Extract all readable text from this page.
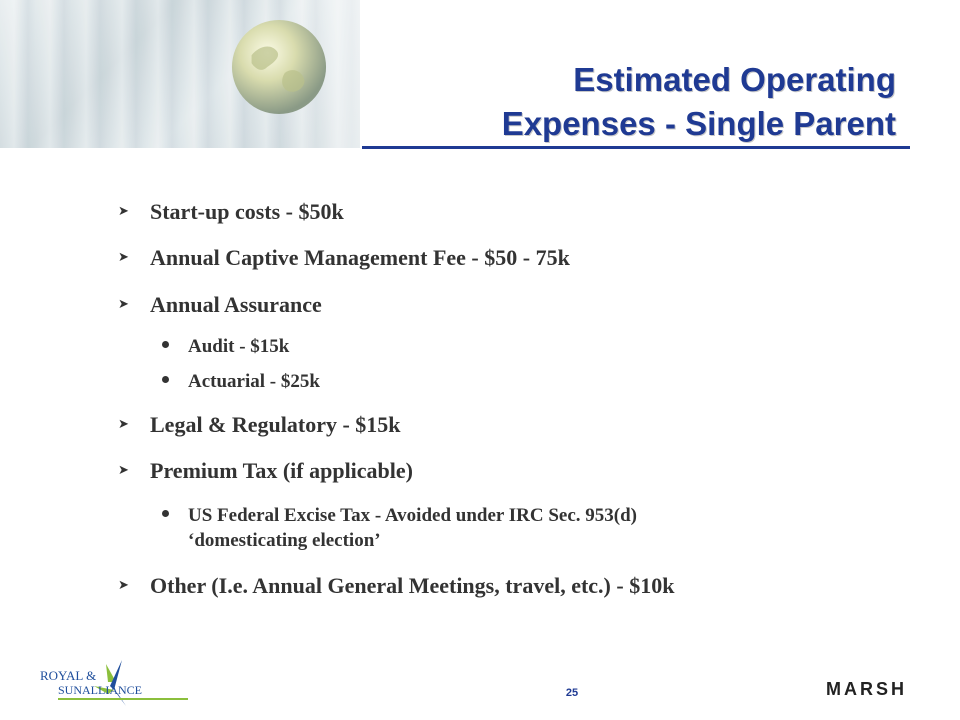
Estimated Operating
Expenses - Single Parent
➤ Start-up costs - $50k
➤ Annual Captive Management Fee - $50 - 75k
➤ Annual Assurance
Audit - $15k
Actuarial - $25k
➤ Legal & Regulatory - $15k
➤ Premium Tax (if applicable)
US Federal Excise Tax - Avoided under IRC Sec. 953(d)
‘domesticating election’
➤ Other (I.e. Annual General Meetings, travel, etc.) - $10k
ROYAL &
SUNALLIANCE	25	MARSH
